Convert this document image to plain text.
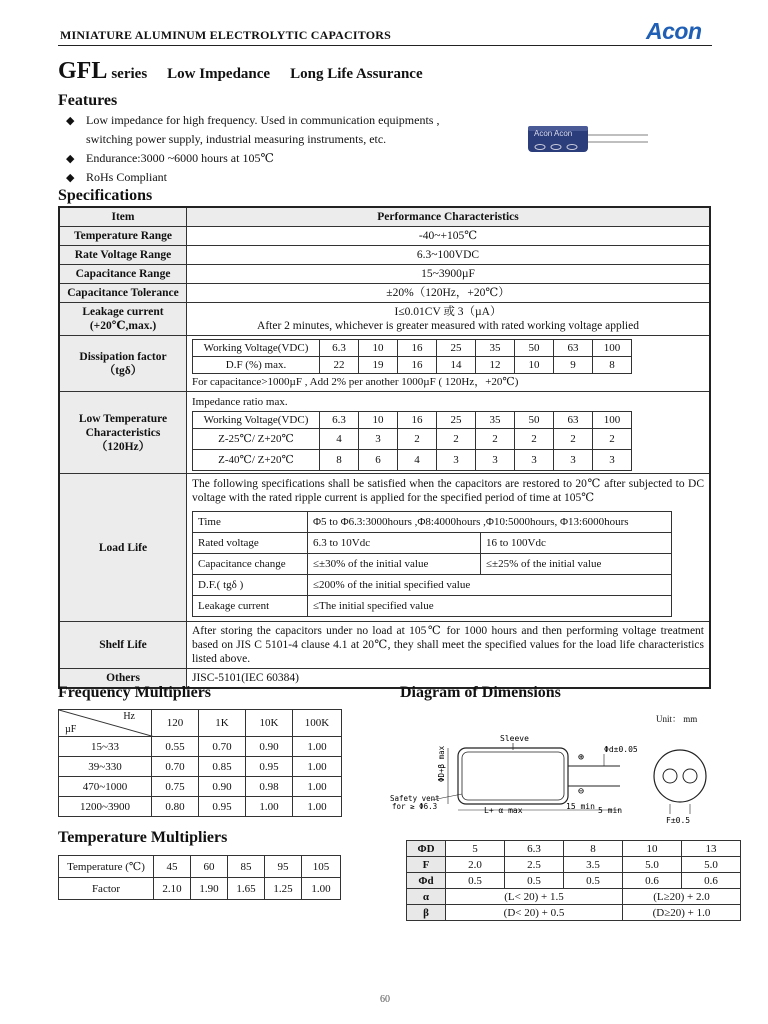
MINIATURE ALUMINUM ELECTROLYTIC CAPACITORS	Acon
GFL series Low Impedance Long Life Assurance
Features
◆ Low impedance for high frequency. Used in communication equipments ,
switching power supply, industrial measuring instruments, etc.
◆ Endurance:3000 ~6000 hours at 105℃
◆ RoHs Compliant
Acon Acon
Specifications
Item	Performance Characteristics
Temperature Range	-40~+105℃
Rate Voltage Range	6.3~100VDC
Capacitance Range	15~3900µF
Capacitance Tolerance	±20%（120Hz，+20℃）

Leakage current
(+20℃,max.)

I≤0.01CV 或 3（µA）
After 2 minutes, whichever is greater measured with rated working voltage applied

Dissipation factor
（tgδ）

Working Voltage(VDC)	6.3	10	16	25	35	50	63	100
D.F (%) max.	22	19	16	14	12	10	9	8
For capacitance>1000µF , Add 2% per another 1000µF ( 120Hz，+20℃)

Low Temperature
Characteristics
（120Hz）

Impedance ratio max.
Working Voltage(VDC)	6.3	10	16	25	35	50	63	100
Z-25℃/ Z+20℃	4	3	2	2	2	2	2	2
Z-40℃/ Z+20℃	8	6	4	3	3	3	3	3

Load Life	
The following specifications shall be satisfied when the capacitors are restored to 20℃ after subjected to DC voltage with the rated ripple current is applied for the specified period of time at 105℃
Time	Φ5 to Φ6.3:3000hours ,Φ8:4000hours ,Φ10:5000hours, Φ13:6000hours
Rated voltage	6.3 to 10Vdc	16 to 100Vdc
Capacitance change	≤±30% of the initial value	≤±25% of the initial value
D.F.( tgδ )	≤200% of the initial specified value
Leakage current	≤The initial specified value

Shelf Life	After storing the capacitors under no load at 105℃ for 1000 hours and then performing voltage treatment based on JIS C 5101-4 clause 4.1 at 20℃, they shall meet the specified values for the load life characteristics listed above.
Others	JISC-5101(IEC 60384)
Frequency Multipliers
Hz
µF	120	1K	10K	100K
15~33	0.55	0.70	0.90	1.00
39~330	0.70	0.85	0.95	1.00
470~1000	0.75	0.90	0.98	1.00
1200~3900	0.80	0.95	1.00	1.00
Temperature Multipliers
Temperature (℃)	45	60	85	95	105
Factor	2.10	1.90	1.65	1.25	1.00
Diagram of Dimensions
Unit： mm
Sleeve
Φd±0.05
⊕
⊖
ΦD+β max
Safety vent
for ≥ Φ6.3	L+ α max	15 min 5 min
F±0.5
ΦD	5	6.3	8	10	13
F	2.0	2.5	3.5	5.0	5.0
Φd	0.5	0.5	0.5	0.6	0.6
α	(L< 20) + 1.5			(L≥20) + 2.0	
β	(D< 20) + 0.5			(D≥20) + 1.0	
60
